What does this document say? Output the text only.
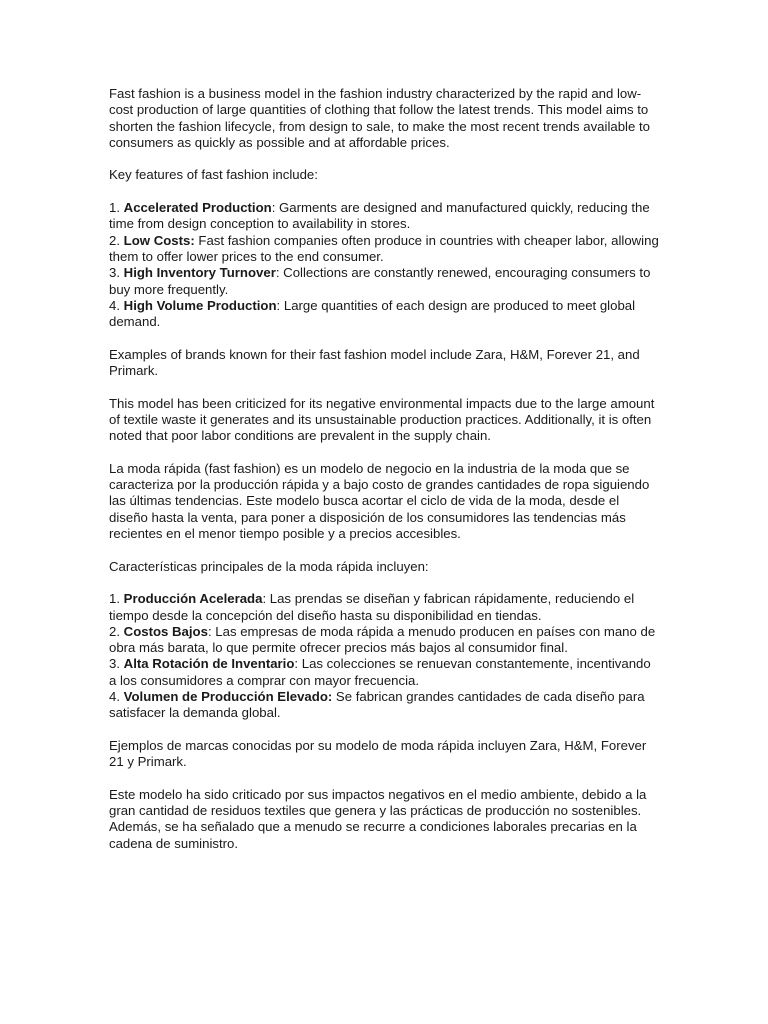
Fast fashion is a business model in the fashion industry characterized by the rapid and low-cost production of large quantities of clothing that follow the latest trends. This model aims to shorten the fashion lifecycle, from design to sale, to make the most recent trends available to consumers as quickly as possible and at affordable prices.

Key features of fast fashion include:

1. Accelerated Production: Garments are designed and manufactured quickly, reducing the time from design conception to availability in stores.
2. Low Costs: Fast fashion companies often produce in countries with cheaper labor, allowing them to offer lower prices to the end consumer.
3. High Inventory Turnover: Collections are constantly renewed, encouraging consumers to buy more frequently.
4. High Volume Production: Large quantities of each design are produced to meet global demand.

Examples of brands known for their fast fashion model include Zara, H&M, Forever 21, and Primark.

This model has been criticized for its negative environmental impacts due to the large amount of textile waste it generates and its unsustainable production practices. Additionally, it is often noted that poor labor conditions are prevalent in the supply chain.

La moda rápida (fast fashion) es un modelo de negocio en la industria de la moda que se caracteriza por la producción rápida y a bajo costo de grandes cantidades de ropa siguiendo las últimas tendencias. Este modelo busca acortar el ciclo de vida de la moda, desde el diseño hasta la venta, para poner a disposición de los consumidores las tendencias más recientes en el menor tiempo posible y a precios accesibles.

Características principales de la moda rápida incluyen:

1. Producción Acelerada: Las prendas se diseñan y fabrican rápidamente, reduciendo el tiempo desde la concepción del diseño hasta su disponibilidad en tiendas.
2. Costos Bajos: Las empresas de moda rápida a menudo producen en países con mano de obra más barata, lo que permite ofrecer precios más bajos al consumidor final.
3. Alta Rotación de Inventario: Las colecciones se renuevan constantemente, incentivando a los consumidores a comprar con mayor frecuencia.
4. Volumen de Producción Elevado: Se fabrican grandes cantidades de cada diseño para satisfacer la demanda global.

Ejemplos de marcas conocidas por su modelo de moda rápida incluyen Zara, H&M, Forever 21 y Primark.

Este modelo ha sido criticado por sus impactos negativos en el medio ambiente, debido a la gran cantidad de residuos textiles que genera y las prácticas de producción no sostenibles. Además, se ha señalado que a menudo se recurre a condiciones laborales precarias en la cadena de suministro.
